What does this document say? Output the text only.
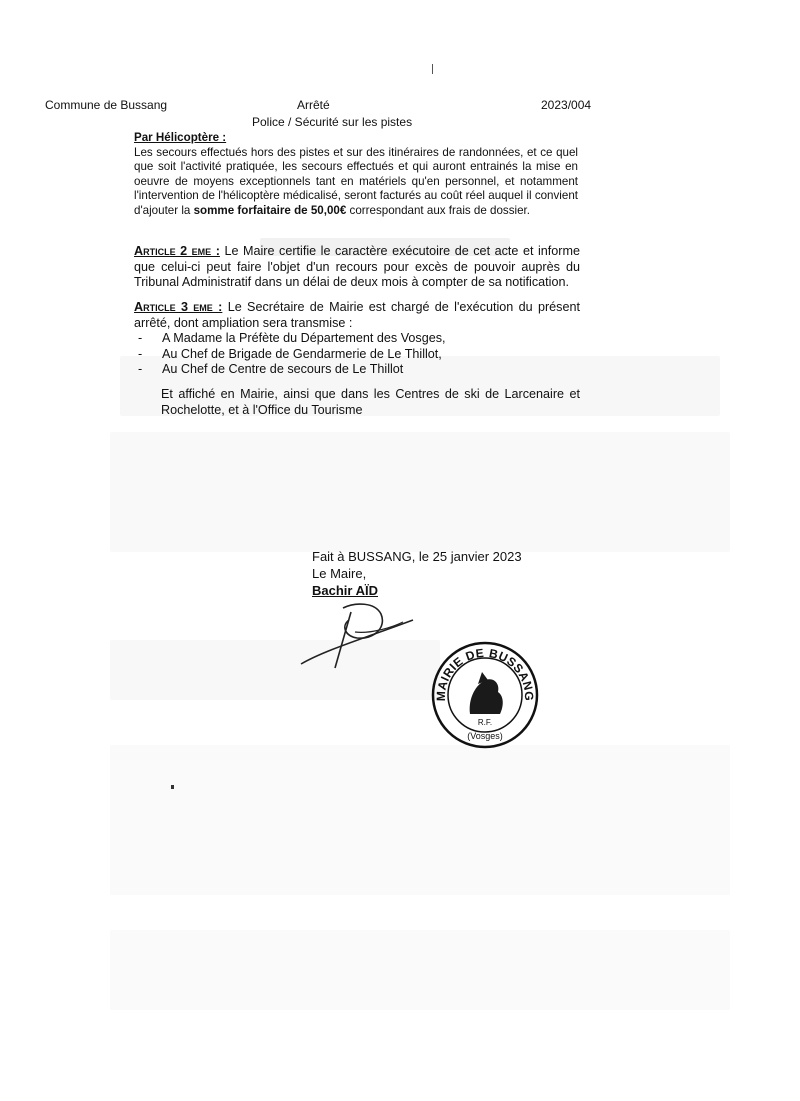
Commune de Bussang	Arrêté	2023/004
Police / Sécurité sur les pistes
Par Hélicoptère :
Les secours effectués hors des pistes et sur des itinéraires de randonnées, et ce quel que soit l'activité pratiquée, les secours effectués et qui auront entrainés la mise en oeuvre de moyens exceptionnels tant en matériels qu'en personnel, et notamment l'intervention de l'hélicoptère médicalisé, seront facturés au coût réel auquel il convient d'ajouter la somme forfaitaire de 50,00€ correspondant aux frais de dossier.
Article 2 eme : Le Maire certifie le caractère exécutoire de cet acte et informe que celui-ci peut faire l'objet d'un recours pour excès de pouvoir auprès du Tribunal Administratif dans un délai de deux mois à compter de sa notification.
Article 3 eme : Le Secrétaire de Mairie est chargé de l'exécution du présent arrêté, dont ampliation sera transmise :
- A Madame la Préfète du Département des Vosges,
- Au Chef de Brigade de Gendarmerie de Le Thillot,
- Au Chef de Centre de secours de Le Thillot
Et affiché en Mairie, ainsi que dans les Centres de ski de Larcenaire et Rochelotte, et à l'Office du Tourisme
Fait à BUSSANG, le 25 janvier 2023
Le Maire,
Bachir AÏD
MAIRIE DE BUSSANG
R.F.
(Vosges)
